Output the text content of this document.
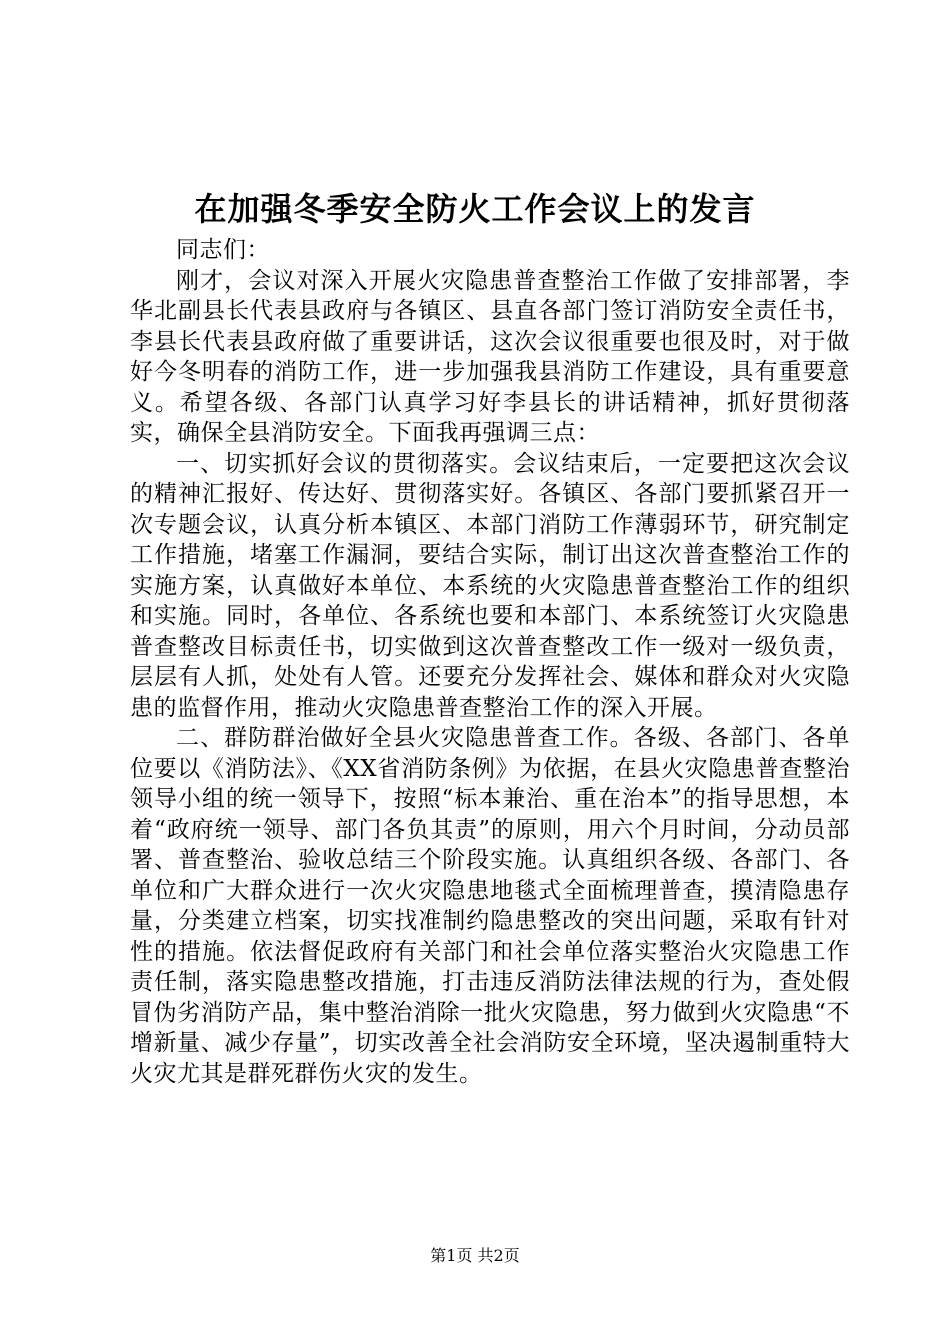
在加强冬季安全防火工作会议上的发言

同志们：

刚才，会议对深入开展火灾隐患普查整治工作做了安排部署，李华北副县长代表县政府与各镇区、县直各部门签订消防安全责任书，李县长代表县政府做了重要讲话，这次会议很重要也很及时，对于做好今冬明春的消防工作，进一步加强我县消防工作建设，具有重要意义。希望各级、各部门认真学习好李县长的讲话精神，抓好贯彻落实，确保全县消防安全。下面我再强调三点：

一、切实抓好会议的贯彻落实。会议结束后，一定要把这次会议的精神汇报好、传达好、贯彻落实好。各镇区、各部门要抓紧召开一次专题会议，认真分析本镇区、本部门消防工作薄弱环节，研究制定工作措施，堵塞工作漏洞，要结合实际，制订出这次普查整治工作的实施方案，认真做好本单位、本系统的火灾隐患普查整治工作的组织和实施。同时，各单位、各系统也要和本部门、本系统签订火灾隐患普查整改目标责任书，切实做到这次普查整改工作一级对一级负责，层层有人抓，处处有人管。还要充分发挥社会、媒体和群众对火灾隐患的监督作用，推动火灾隐患普查整治工作的深入开展。

二、群防群治做好全县火灾隐患普查工作。各级、各部门、各单位要以《消防法》、《XX省消防条例》为依据，在县火灾隐患普查整治领导小组的统一领导下，按照“标本兼治、重在治本”的指导思想，本着“政府统一领导、部门各负其责”的原则，用六个月时间，分动员部署、普查整治、验收总结三个阶段实施。认真组织各级、各部门、各单位和广大群众进行一次火灾隐患地毯式全面梳理普查，摸清隐患存量，分类建立档案，切实找准制约隐患整改的突出问题，采取有针对性的措施。依法督促政府有关部门和社会单位落实整治火灾隐患工作责任制，落实隐患整改措施，打击违反消防法律法规的行为，查处假冒伪劣消防产品，集中整治消除一批火灾隐患，努力做到火灾隐患“不增新量、减少存量”，切实改善全社会消防安全环境，坚决遏制重特大火灾尤其是群死群伤火灾的发生。

第1页 共2页
